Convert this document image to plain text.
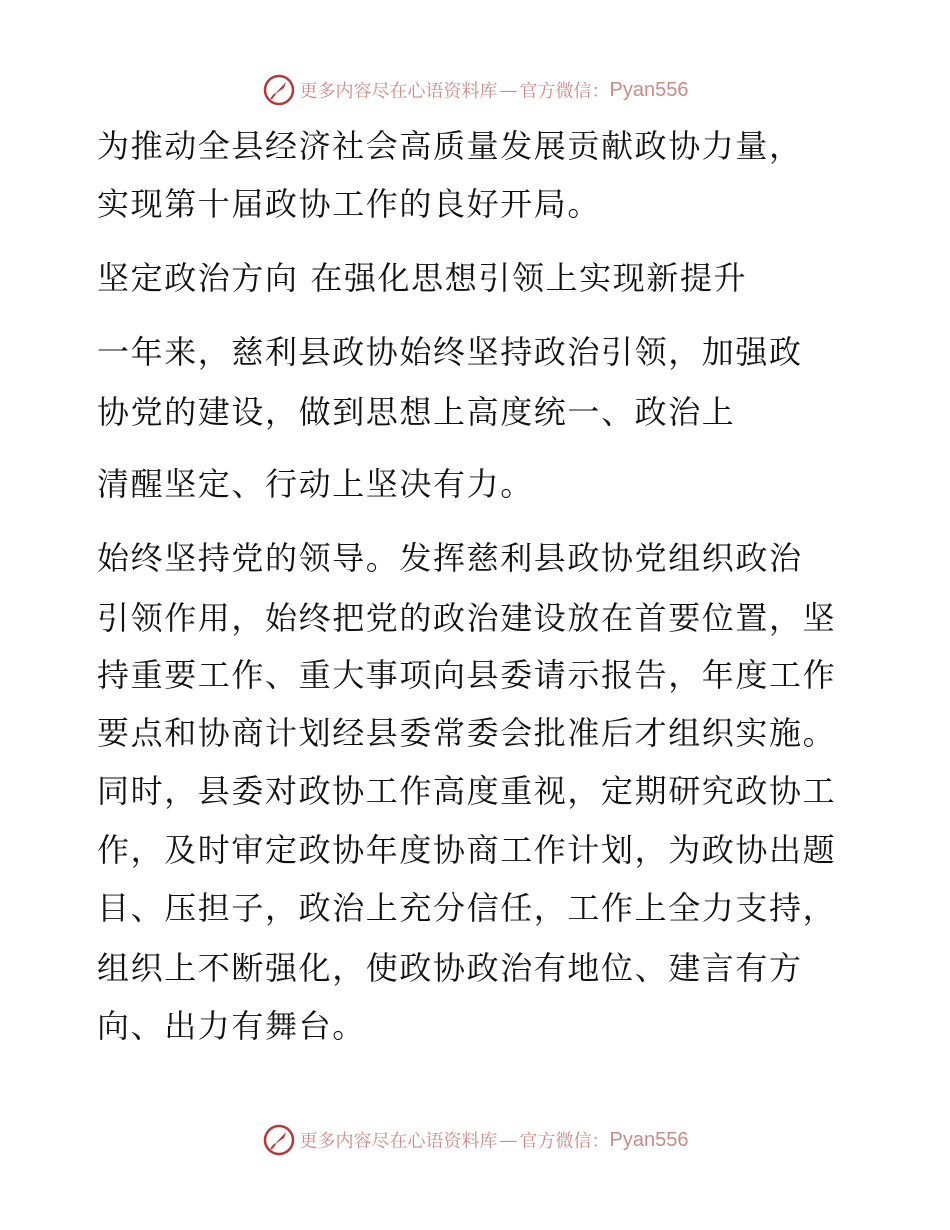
更多内容尽在心语资料库 — 官方微信： Pyan556
为推动全县经济社会高质量发展贡献政协力量，
实现第十届政协工作的良好开局。
坚定政治方向 在强化思想引领上实现新提升
一年来，慈利县政协始终坚持政治引领，加强政
协党的建设，做到思想上高度统一、政治上
清醒坚定、行动上坚决有力。
始终坚持党的领导。发挥慈利县政协党组织政治
引领作用，始终把党的政治建设放在首要位置，坚
持重要工作、重大事项向县委请示报告，年度工作
要点和协商计划经县委常委会批准后才组织实施。
同时，县委对政协工作高度重视，定期研究政协工
作，及时审定政协年度协商工作计划，为政协出题
目、压担子，政治上充分信任，工作上全力支持，
组织上不断强化，使政协政治有地位、建言有方
向、出力有舞台。
更多内容尽在心语资料库 — 官方微信： Pyan556
